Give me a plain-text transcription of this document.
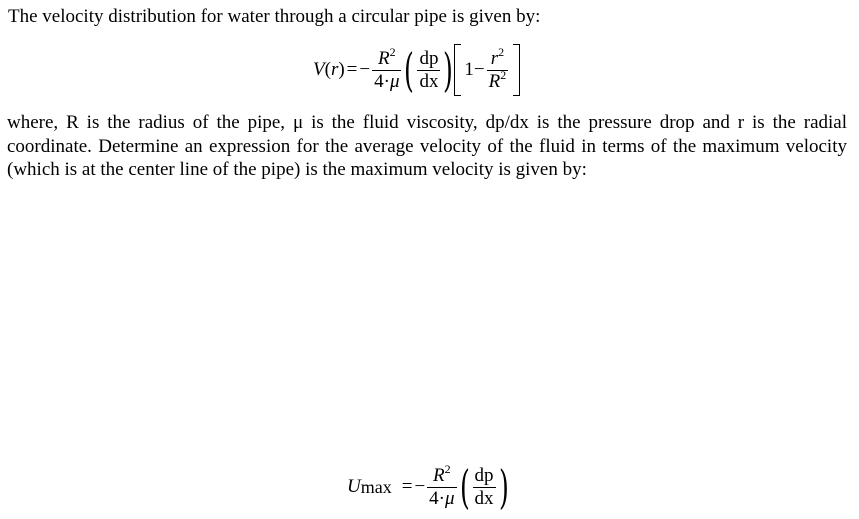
The velocity distribution for water through a circular pipe is given by:

V ( r ) = − $\frac{R^2}{4\cdot\mu}$ ( $\frac{dp}{dx}$ ) $1 - \frac{r^2}{R^2}$

where, R is the radius of the pipe, μ is the fluid viscosity, dp/dx is the pressure drop and r is the radial coordinate. Determine an expression for the average velocity of the fluid in terms of the maximum velocity (which is at the center line of the pipe) is the maximum velocity is given by:

U max = − $\frac{R^2}{4\cdot\mu}$ ( $\frac{dp}{dx}$ )
